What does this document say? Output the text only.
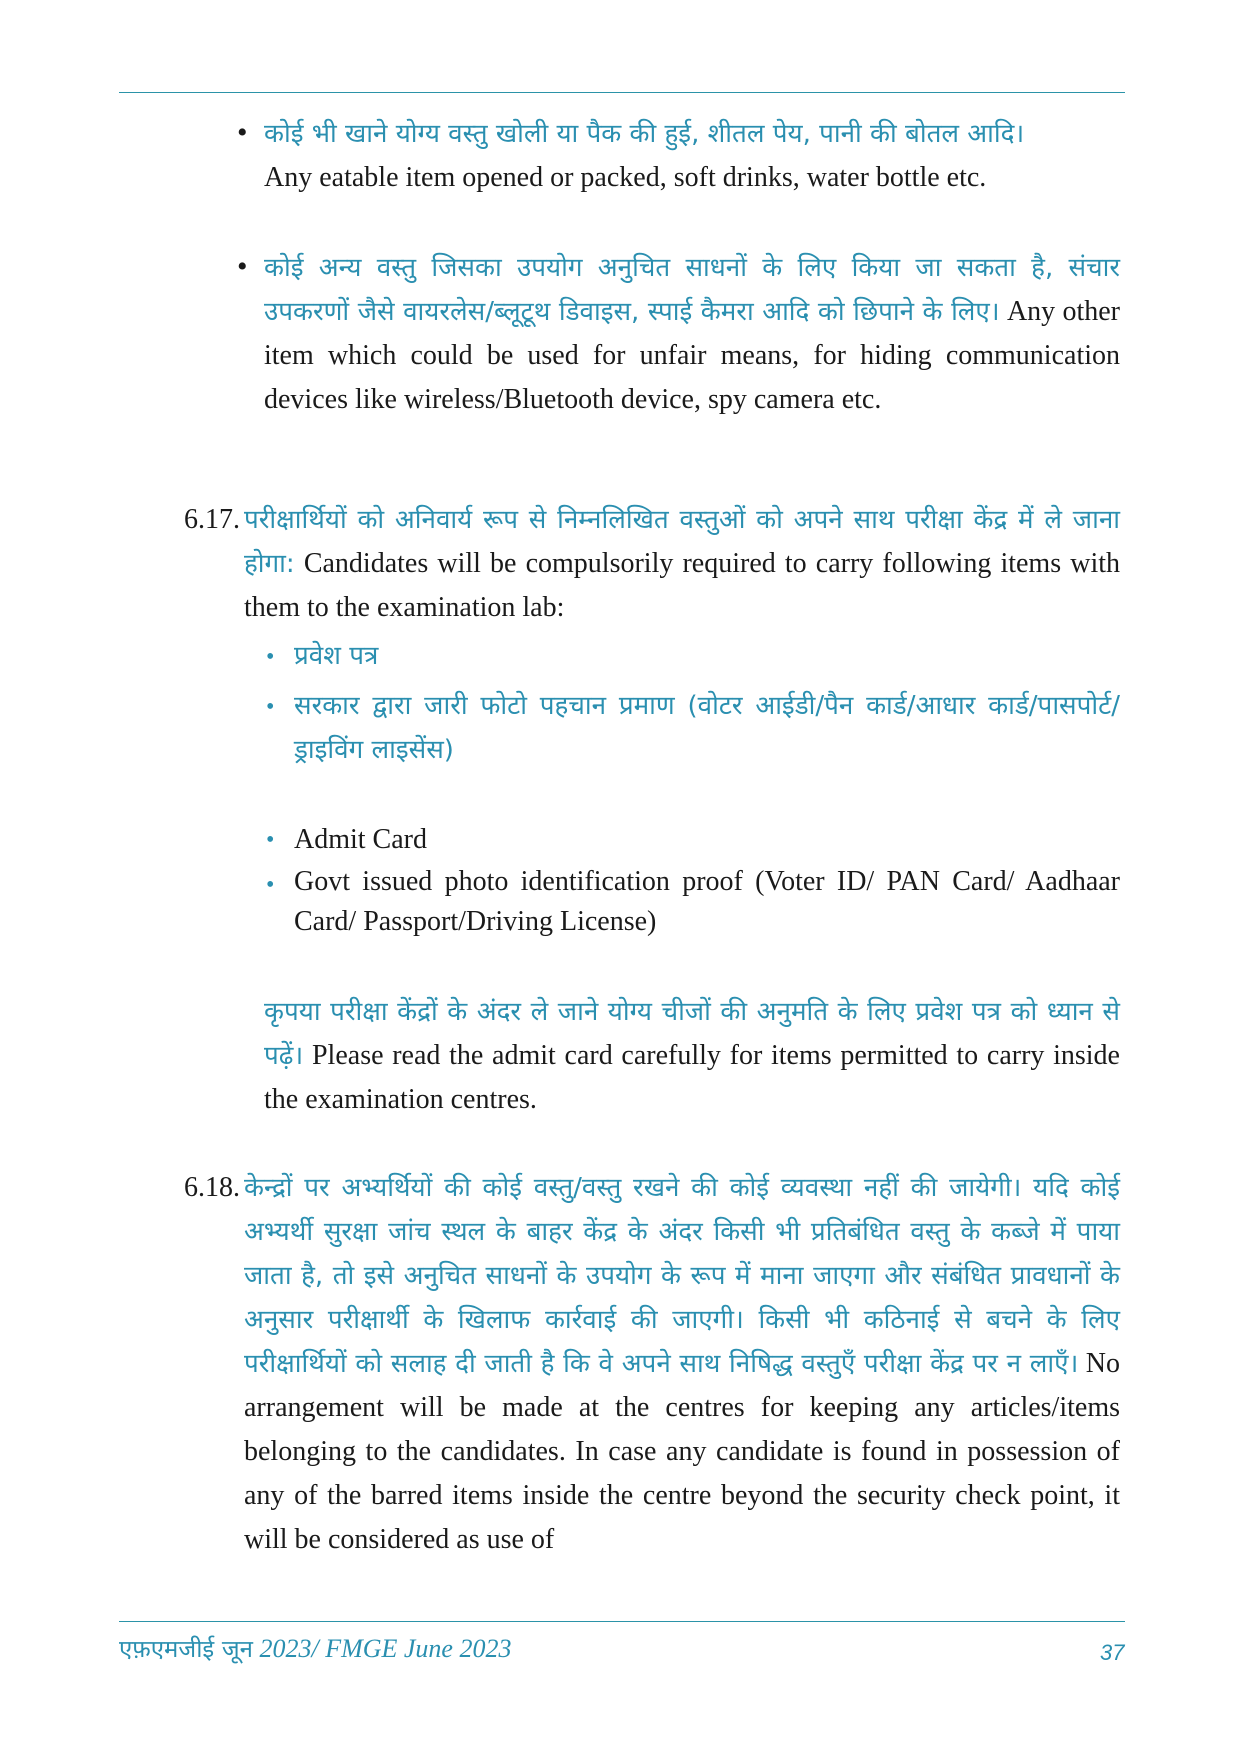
• कोई भी खाने योग्य वस्तु खोली या पैक की हुई, शीतल पेय, पानी की बोतल आदि।
Any eatable item opened or packed, soft drinks, water bottle etc.
• कोई अन्य वस्तु जिसका उपयोग अनुचित साधनों के लिए किया जा सकता है, संचार उपकरणों जैसे वायरलेस/ब्लूटूथ डिवाइस, स्पाई कैमरा आदि को छिपाने के लिए। Any other item which could be used for unfair means, for hiding communication devices like wireless/Bluetooth device, spy camera etc.
6.17. परीक्षार्थियों को अनिवार्य रूप से निम्नलिखित वस्तुओं को अपने साथ परीक्षा केंद्र में ले जाना होगा: Candidates will be compulsorily required to carry following items with them to the examination lab:
• प्रवेश पत्र
• सरकार द्वारा जारी फोटो पहचान प्रमाण (वोटर आईडी/पैन कार्ड/आधार कार्ड/पासपोर्ट/ड्राइविंग लाइसेंस)
• Admit Card
• Govt issued photo identification proof (Voter ID/ PAN Card/ Aadhaar Card/ Passport/Driving License)
कृपया परीक्षा केंद्रों के अंदर ले जाने योग्य चीजों की अनुमति के लिए प्रवेश पत्र को ध्यान से पढ़ें। Please read the admit card carefully for items permitted to carry inside the examination centres.
6.18. केन्द्रों पर अभ्यर्थियों की कोई वस्तु/वस्तु रखने की कोई व्यवस्था नहीं की जायेगी। यदि कोई अभ्यर्थी सुरक्षा जांच स्थल के बाहर केंद्र के अंदर किसी भी प्रतिबंधित वस्तु के कब्जे में पाया जाता है, तो इसे अनुचित साधनों के उपयोग के रूप में माना जाएगा और संबंधित प्रावधानों के अनुसार परीक्षार्थी के खिलाफ कार्रवाई की जाएगी। किसी भी कठिनाई से बचने के लिए परीक्षार्थियों को सलाह दी जाती है कि वे अपने साथ निषिद्ध वस्तुएँ परीक्षा केंद्र पर न लाएँ। No arrangement will be made at the centres for keeping any articles/items belonging to the candidates. In case any candidate is found in possession of any of the barred items inside the centre beyond the security check point, it will be considered as use of
एफ़एमजीई जून 2023/ FMGE June 2023	37
